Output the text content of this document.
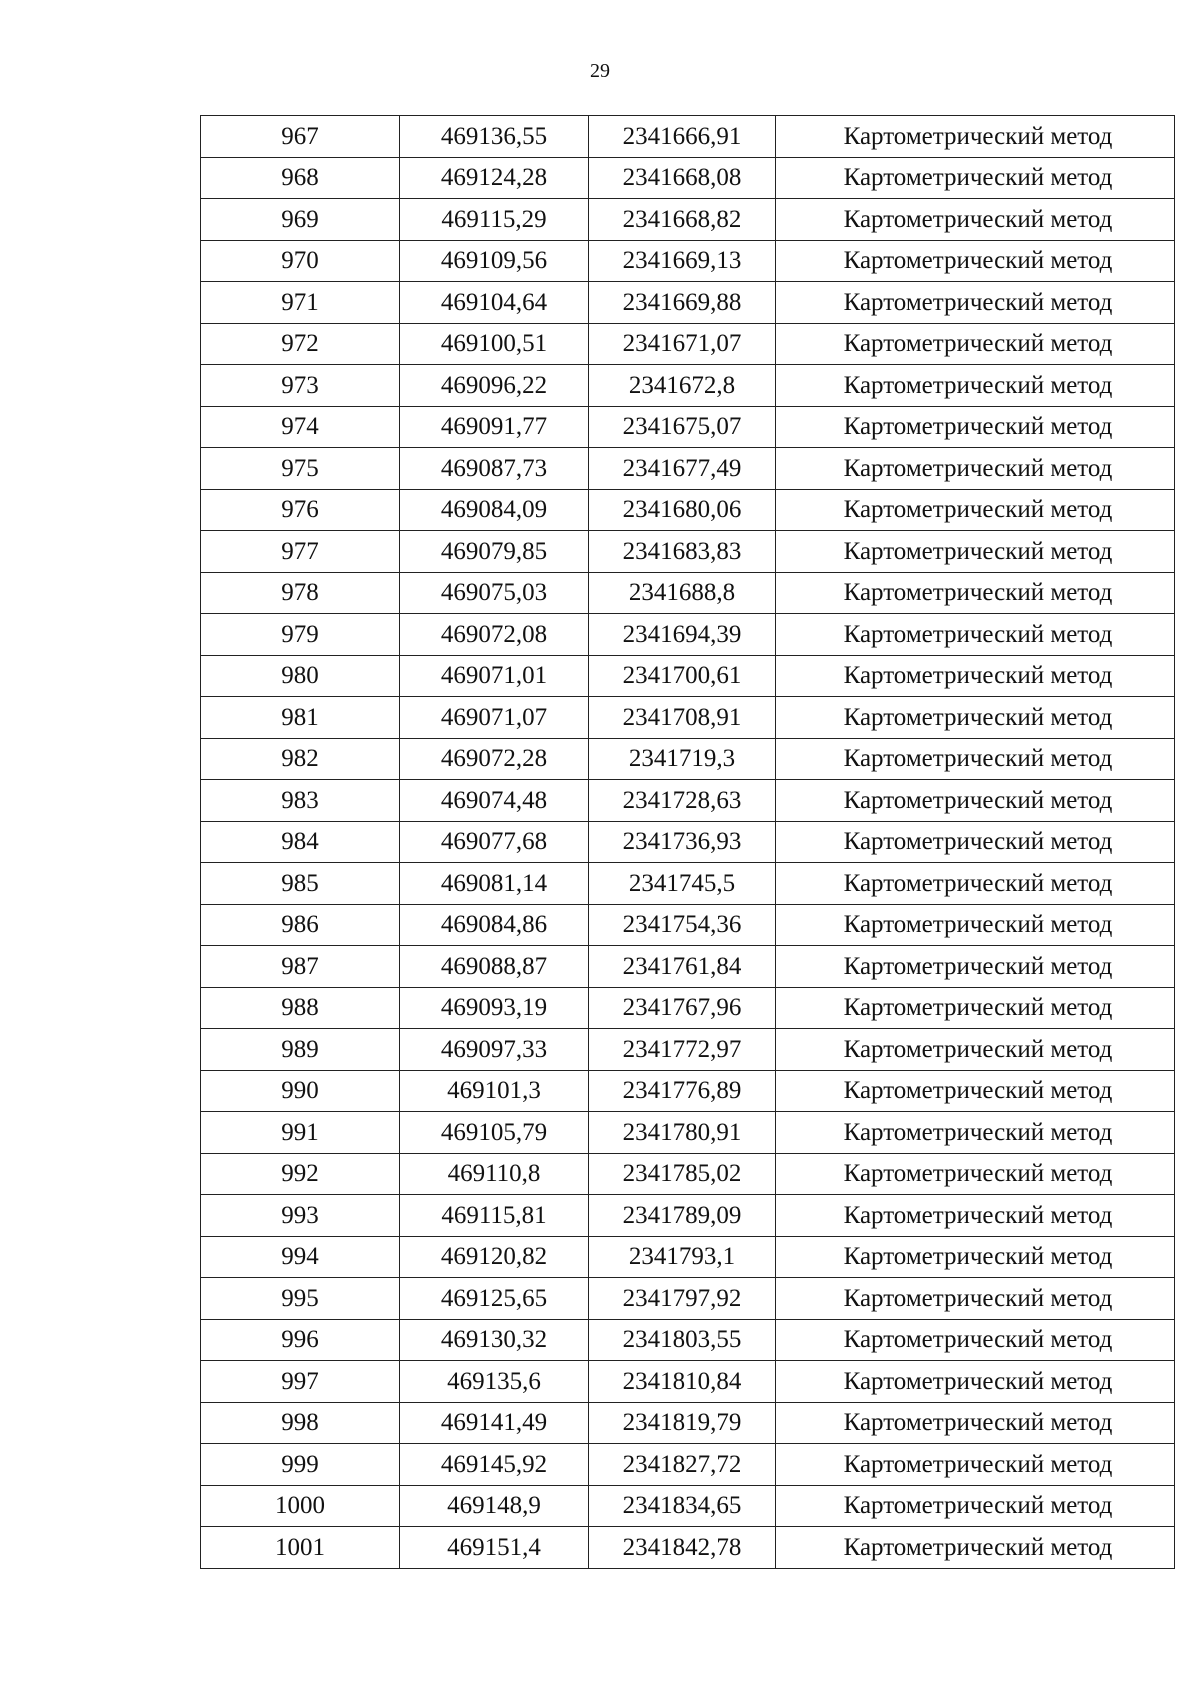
29
967	469136,55	2341666,91	Картометрический метод
968	469124,28	2341668,08	Картометрический метод
969	469115,29	2341668,82	Картометрический метод
970	469109,56	2341669,13	Картометрический метод
971	469104,64	2341669,88	Картометрический метод
972	469100,51	2341671,07	Картометрический метод
973	469096,22	2341672,8	Картометрический метод
974	469091,77	2341675,07	Картометрический метод
975	469087,73	2341677,49	Картометрический метод
976	469084,09	2341680,06	Картометрический метод
977	469079,85	2341683,83	Картометрический метод
978	469075,03	2341688,8	Картометрический метод
979	469072,08	2341694,39	Картометрический метод
980	469071,01	2341700,61	Картометрический метод
981	469071,07	2341708,91	Картометрический метод
982	469072,28	2341719,3	Картометрический метод
983	469074,48	2341728,63	Картометрический метод
984	469077,68	2341736,93	Картометрический метод
985	469081,14	2341745,5	Картометрический метод
986	469084,86	2341754,36	Картометрический метод
987	469088,87	2341761,84	Картометрический метод
988	469093,19	2341767,96	Картометрический метод
989	469097,33	2341772,97	Картометрический метод
990	469101,3	2341776,89	Картометрический метод
991	469105,79	2341780,91	Картометрический метод
992	469110,8	2341785,02	Картометрический метод
993	469115,81	2341789,09	Картометрический метод
994	469120,82	2341793,1	Картометрический метод
995	469125,65	2341797,92	Картометрический метод
996	469130,32	2341803,55	Картометрический метод
997	469135,6	2341810,84	Картометрический метод
998	469141,49	2341819,79	Картометрический метод
999	469145,92	2341827,72	Картометрический метод
1000	469148,9	2341834,65	Картометрический метод
1001	469151,4	2341842,78	Картометрический метод
